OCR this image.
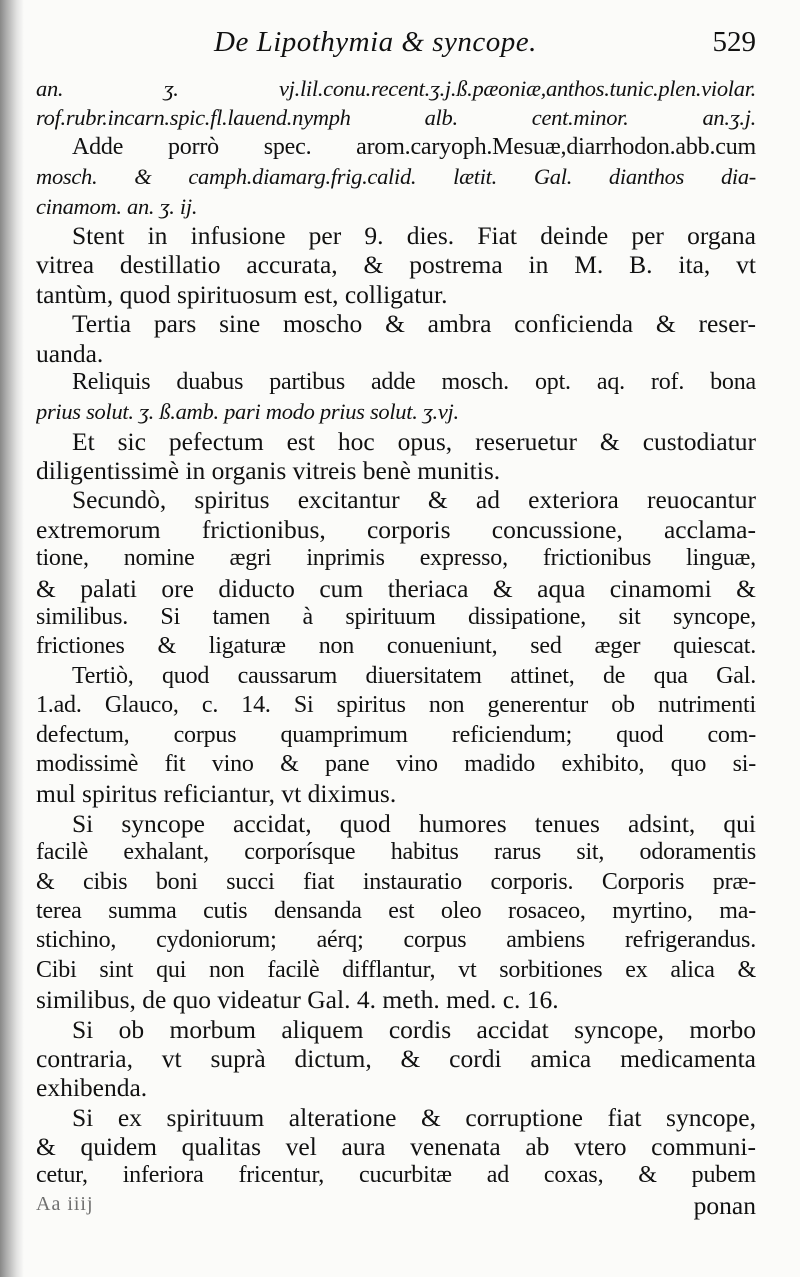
De Lipothymia & syncope.	529
an. ʒ. vj.lil.conu.recent.ʒ.j.ß.pæoniæ,anthos.tunic.plen.violar.
rof.rubr.incarn.spic.fl.lauend.nymph alb. cent.minor. an.ʒ.j.
Adde porrò spec. arom.caryoph.Mesuæ,diarrhodon.abb.cum
mosch. & camph.diamarg.frig.calid. lætit. Gal. dianthos dia-
cinamom. an. ʒ. ij.
Stent in infusione per 9. dies. Fiat deinde per organa
vitrea destillatio accurata, & postrema in M. B. ita, vt
tantùm, quod spirituosum est, colligatur.
Tertia pars sine moscho & ambra conficienda & reser-
uanda.
Reliquis duabus partibus adde mosch. opt. aq. rof. bona
prius solut. ʒ. ß.amb. pari modo prius solut. ʒ.vj.
Et sic pefectum est hoc opus, reseruetur & custodiatur
diligentissimè in organis vitreis benè munitis.
Secundò, spiritus excitantur & ad exteriora reuocantur
extremorum frictionibus, corporis concussione, acclama-
tione, nomine ægri inprimis expresso, frictionibus linguæ,
& palati ore diducto cum theriaca & aqua cinamomi &
similibus. Si tamen à spirituum dissipatione, sit syncope,
frictiones & ligaturæ non conueniunt, sed æger quiescat.
Tertiò, quod caussarum diuersitatem attinet, de qua Gal.
1.ad. Glauco, c. 14. Si spiritus non generentur ob nutrimenti
defectum, corpus quamprimum reficiendum; quod com-
modissimè fit vino & pane vino madido exhibito, quo si-
mul spiritus reficiantur, vt diximus.
Si syncope accidat, quod humores tenues adsint, qui
facilè exhalant, corporísque habitus rarus sit, odoramentis
& cibis boni succi fiat instauratio corporis. Corporis præ-
terea summa cutis densanda est oleo rosaceo, myrtino, ma-
stichino, cydoniorum; aérq; corpus ambiens refrigerandus.
Cibi sint qui non facilè difflantur, vt sorbitiones ex alica &
similibus, de quo videatur Gal. 4. meth. med. c. 16.
Si ob morbum aliquem cordis accidat syncope, morbo
contraria, vt suprà dictum, & cordi amica medicamenta
exhibenda.
Si ex spirituum alteratione & corruptione fiat syncope,
& quidem qualitas vel aura venenata ab vtero communi-
cetur, inferiora fricentur, cucurbitæ ad coxas, & pubem
Aa iiij	ponan
